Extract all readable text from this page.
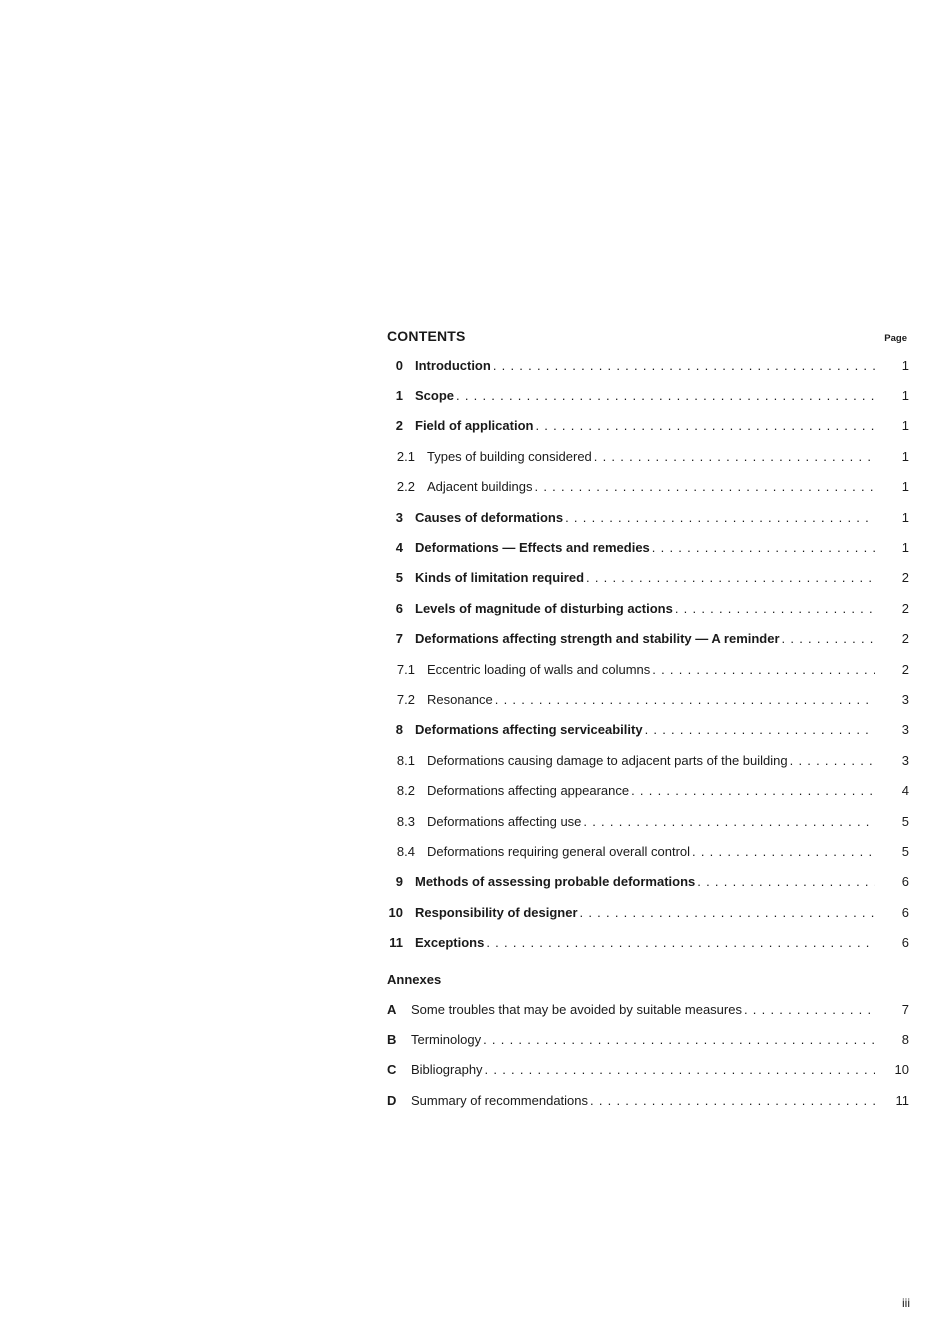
CONTENTS	Page
0 Introduction . . .	1
1 Scope . . .	1
2 Field of application . . .	1
2.1 Types of building considered . . .	1
2.2 Adjacent buildings . . .	1
3 Causes of deformations . . .	1
4 Deformations — Effects and remedies . . .	1
5 Kinds of limitation required . . .	2
6 Levels of magnitude of disturbing actions . . .	2
7 Deformations affecting strength and stability — A reminder . . .	2
7.1 Eccentric loading of walls and columns . . .	2
7.2 Resonance . . .	3
8 Deformations affecting serviceability . . .	3
8.1 Deformations causing damage to adjacent parts of the building . . .	3
8.2 Deformations affecting appearance . . .	4
8.3 Deformations affecting use . . .	5
8.4 Deformations requiring general overall control . . .	5
9 Methods of assessing probable deformations . . .	6
10 Responsibility of designer . . .	6
11 Exceptions . . .	6
Annexes
A	Some troubles that may be avoided by suitable measures . . .	7
B	Terminology . . .	8
C	Bibliography . . .	10
D	Summary of recommendations . . .	11
iii
